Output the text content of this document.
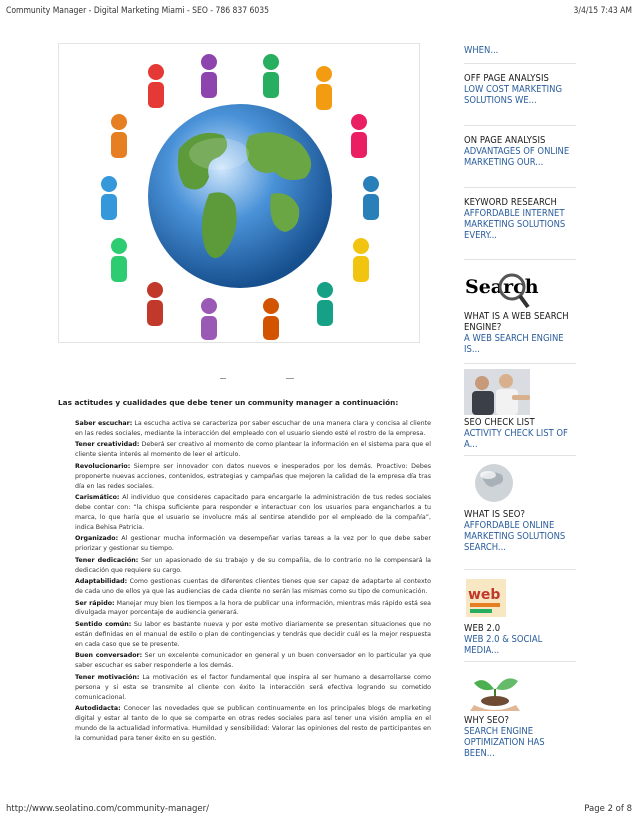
Community Manager - Digital Marketing Miami - SEO - 786 837 6035	3/4/15 7:43 AM
Las actitudes y cualidades que debe tener un community manager a continuación:

Saber escuchar: La escucha activa se caracteriza por saber escuchar de una manera clara y concisa al cliente en las redes sociales, mediante la interacción del empleado con el usuario siendo esté el rostro de la empresa.

Tener creatividad: Deberá ser creativo al momento de como plantear la información en el sistema para que el cliente sienta interés al momento de leer el artículo.

Revolucionario: Siempre ser innovador con datos nuevos e inesperados por los demás. Proactivo: Debes proponerte nuevas acciones, contenidos, estrategias y campañas que mejoren la calidad de la empresa día tras día en las redes sociales.

Carismático: Al individuo que consideres capacitado para encargarle la administración de tus redes sociales debe contar con: “la chispa suficiente para responder e interactuar con los usuarios para engancharlos a tu marca, lo que haría que el usuario se involucre más al sentirse atendido por el empleado de la compañía”, indica Behisa Patricia.

Organizado: Al gestionar mucha información va desempeñar varias tareas a la vez por lo que debe saber priorizar y gestionar su tiempo.

Tener dedicación: Ser un apasionado de su trabajo y de su compañía, de lo contrario no le compensará la dedicación que requiere su cargo.

Adaptabilidad: Como gestionas cuentas de diferentes clientes tienes que ser capaz de adaptarte al contexto de cada uno de ellos ya que las audiencias de cada cliente no serán las mismas como su tipo de comunicación.

Ser rápido: Manejar muy bien los tiempos a la hora de publicar una información, mientras más rápido está sea divulgada mayor porcentaje de audiencia generará.

Sentido común: Su labor es bastante nueva y por este motivo diariamente se presentan situaciones que no están definidas en el manual de estilo o plan de contingencias y tendrás que decidir cuál es la mejor respuesta en cada caso que se te presente.

Buen conversador: Ser un excelente comunicador en general y un buen conversador en lo particular ya que saber escuchar es saber responderle a los demás.

Tener motivación: La motivación es el factor fundamental que inspira al ser humano a desarrollarse como persona y si esta se transmite al cliente con éxito la interacción será efectiva logrando su cometido comunicacional.

Autodidacta: Conocer las novedades que se publican continuamente en los principales blogs de marketing digital y estar al tanto de lo que se comparte en otras redes sociales para así tener una visión amplia en el mundo de la actualidad informativa. Humildad y sensibilidad: Valorar las opiniones del resto de participantes en la comunidad para tener éxito en su gestión.

WHEN...
OFF PAGE ANALYSIS
LOW COST MARKETING SOLUTIONS WE...
ON PAGE ANALYSIS
ADVANTAGES OF ONLINE MARKETING OUR...
KEYWORD RESEARCH
AFFORDABLE INTERNET MARKETING SOLUTIONS EVERY...
Search
WHAT IS A WEB SEARCH ENGINE?
A WEB SEARCH ENGINE IS...
SEO CHECK LIST
ACTIVITY CHECK LIST OF A...
WHAT IS SEO?
AFFORDABLE ONLINE MARKETING SOLUTIONS SEARCH...
web
WEB 2.0
WEB 2.0 & SOCIAL MEDIA...
WHY SEO?
SEARCH ENGINE OPTIMIZATION HAS BEEN...
http://www.seolatino.com/community-manager/	Page 2 of 8
